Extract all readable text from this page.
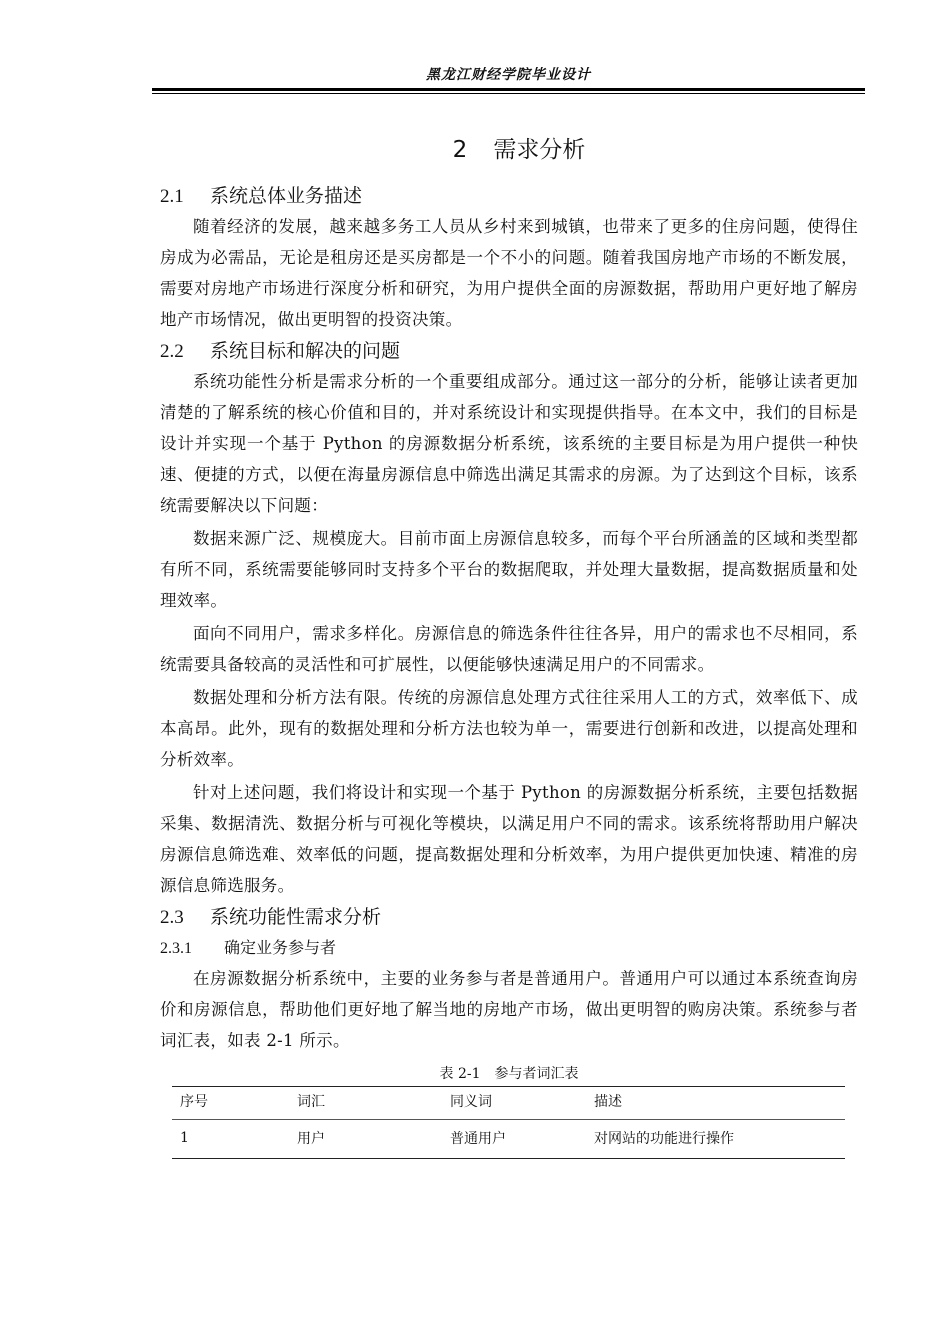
黑龙江财经学院毕业设计
2 需求分析
2.1 系统总体业务描述

随着经济的发展，越来越多务工人员从乡村来到城镇，也带来了更多的住房问题，使得住房成为必需品，无论是租房还是买房都是一个不小的问题。随着我国房地产市场的不断发展，需要对房地产市场进行深度分析和研究，为用户提供全面的房源数据，帮助用户更好地了解房地产市场情况，做出更明智的投资决策。

2.2 系统目标和解决的问题

系统功能性分析是需求分析的一个重要组成部分。通过这一部分的分析，能够让读者更加清楚的了解系统的核心价值和目的，并对系统设计和实现提供指导。在本文中，我们的目标是设计并实现一个基于 Python 的房源数据分析系统，该系统的主要目标是为用户提供一种快速、便捷的方式，以便在海量房源信息中筛选出满足其需求的房源。为了达到这个目标，该系统需要解决以下问题：

数据来源广泛、规模庞大。目前市面上房源信息较多，而每个平台所涵盖的区域和类型都有所不同，系统需要能够同时支持多个平台的数据爬取，并处理大量数据，提高数据质量和处理效率。

面向不同用户，需求多样化。房源信息的筛选条件往往各异，用户的需求也不尽相同，系统需要具备较高的灵活性和可扩展性，以便能够快速满足用户的不同需求。

数据处理和分析方法有限。传统的房源信息处理方式往往采用人工的方式，效率低下、成本高昂。此外，现有的数据处理和分析方法也较为单一，需要进行创新和改进，以提高处理和分析效率。

针对上述问题，我们将设计和实现一个基于 Python 的房源数据分析系统，主要包括数据采集、数据清洗、数据分析与可视化等模块，以满足用户不同的需求。该系统将帮助用户解决房源信息筛选难、效率低的问题，提高数据处理和分析效率，为用户提供更加快速、精准的房源信息筛选服务。

2.3 系统功能性需求分析
2.3.1 确定业务参与者

在房源数据分析系统中，主要的业务参与者是普通用户。普通用户可以通过本系统查询房价和房源信息，帮助他们更好地了解当地的房地产市场，做出更明智的购房决策。系统参与者词汇表，如表 2-1 所示。

表 2-1 参与者词汇表
序号	词汇	同义词	描述
1	用户	普通用户	对网站的功能进行操作
